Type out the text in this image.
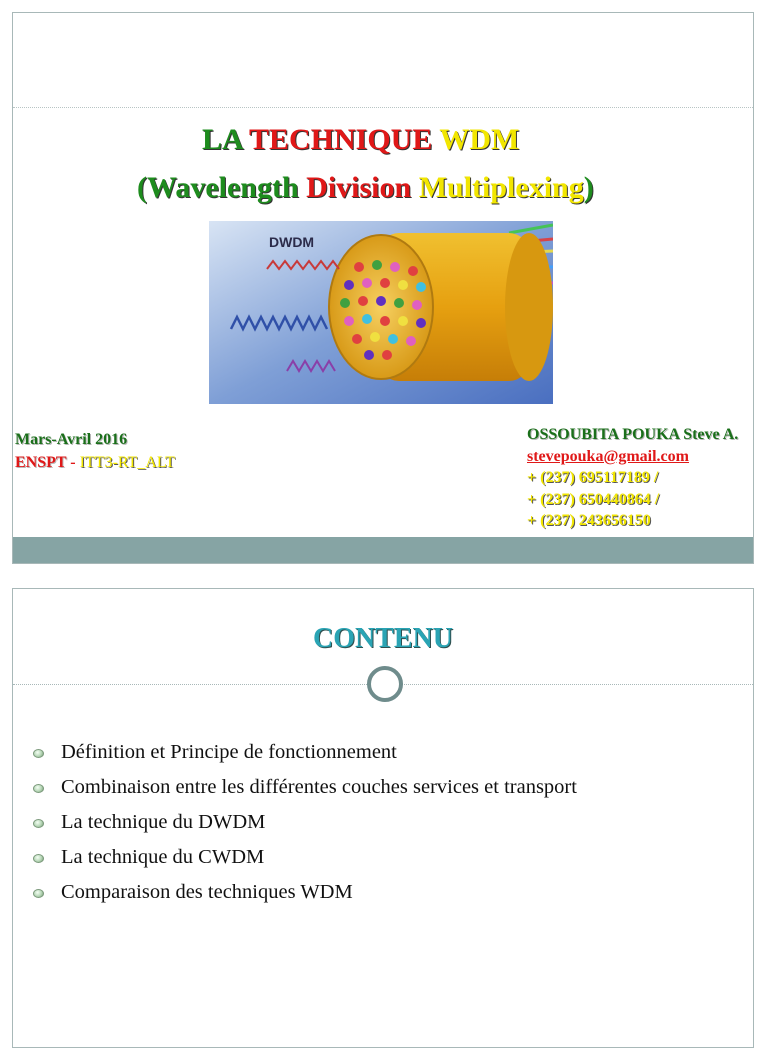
LA TECHNIQUE WDM
(Wavelength Division Multiplexing)
DWDM
Mars-Avril 2016
ENSPT - ITT3-RT_ALT
OSSOUBITA POUKA Steve A.
stevepouka@gmail.com
+ (237) 695117189 /
+ (237) 650440864 /
+ (237) 243656150
CONTENU
Définition et Principe de fonctionnement
Combinaison entre les différentes couches services et transport
La technique du DWDM
La technique du CWDM
Comparaison des techniques WDM
